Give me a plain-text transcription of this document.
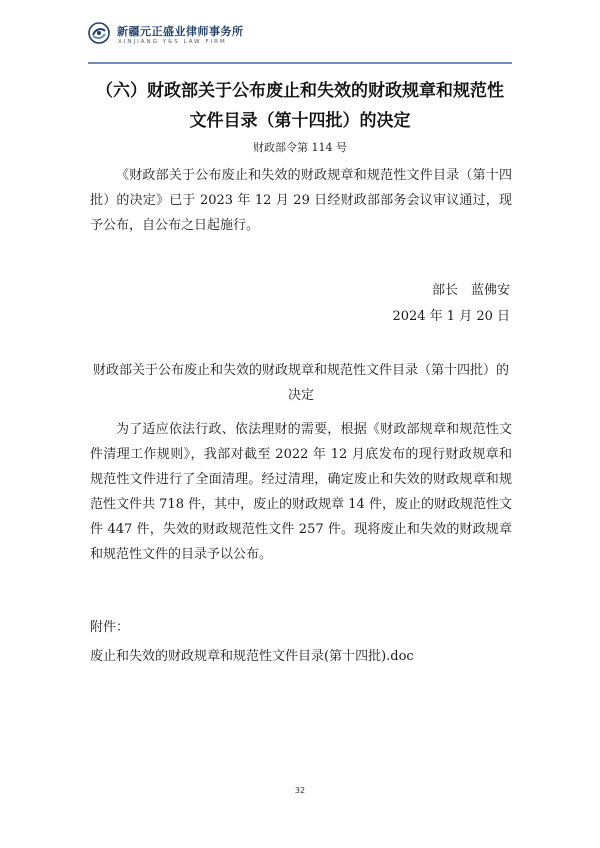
新疆元正盛业律师事务所
XINJIANG Y&S LAW FIRM
（六）财政部关于公布废止和失效的财政规章和规范性文件目录（第十四批）的决定
财政部令第 114 号
《财政部关于公布废止和失效的财政规章和规范性文件目录（第十四批）的决定》已于 2023 年 12 月 29 日经财政部部务会议审议通过，现予公布，自公布之日起施行。
部长　蓝佛安
2024 年 1 月 20 日
财政部关于公布废止和失效的财政规章和规范性文件目录（第十四批）的决定
为了适应依法行政、依法理财的需要，根据《财政部规章和规范性文件清理工作规则》，我部对截至 2022 年 12 月底发布的现行财政规章和规范性文件进行了全面清理。经过清理，确定废止和失效的财政规章和规范性文件共 718 件，其中，废止的财政规章 14 件，废止的财政规范性文件 447 件，失效的财政规范性文件 257 件。现将废止和失效的财政规章和规范性文件的目录予以公布。
附件：
废止和失效的财政规章和规范性文件目录(第十四批).doc
32
